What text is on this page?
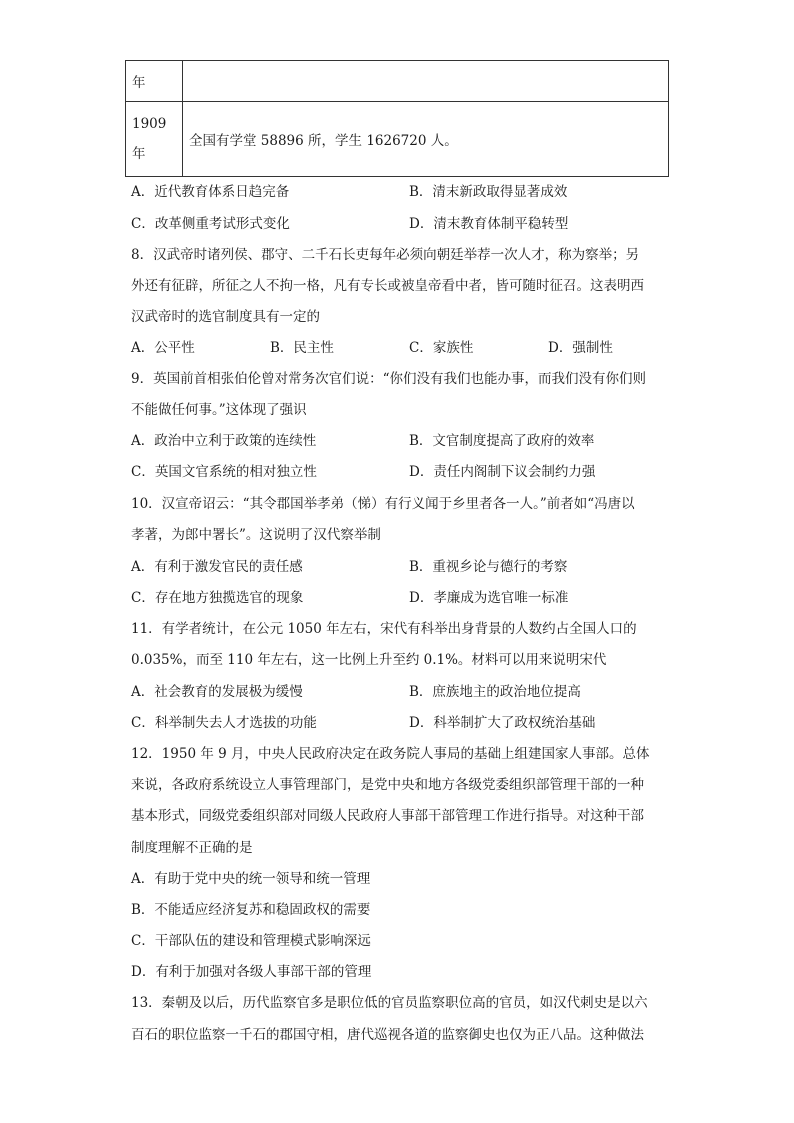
年	

1909
年	全国有学堂 58896 所，学生 1626720 人。
A．近代教育体系日趋完备	B．清末新政取得显著成效
C．改革侧重考试形式变化	D．清末教育体制平稳转型
8．汉武帝时诸列侯、郡守、二千石长吏每年必须向朝廷举荐一次人才，称为察举；另
外还有征辟，所征之人不拘一格，凡有专长或被皇帝看中者，皆可随时征召。这表明西
汉武帝时的选官制度具有一定的
A．公平性	B．民主性	C．家族性	D．强制性
9．英国前首相张伯伦曾对常务次官们说：“你们没有我们也能办事，而我们没有你们则
不能做任何事。”这体现了强识
A．政治中立利于政策的连续性	B．文官制度提高了政府的效率
C．英国文官系统的相对独立性	D．责任内阁制下议会制约力强
10．汉宣帝诏云：“其令郡国举孝弟（悌）有行义闻于乡里者各一人。”前者如“冯唐以
孝著，为郎中署长”。这说明了汉代察举制
A．有利于激发官民的责任感	B．重视乡论与德行的考察
C．存在地方独揽选官的现象	D．孝廉成为选官唯一标准
11．有学者统计，在公元 1050 年左右，宋代有科举出身背景的人数约占全国人口的
0.035%，而至 110 年左右，这一比例上升至约 0.1%。材料可以用来说明宋代
A．社会教育的发展极为缓慢	B．庶族地主的政治地位提高
C．科举制失去人才选拔的功能	D．科举制扩大了政权统治基础
12．1950 年 9 月，中央人民政府决定在政务院人事局的基础上组建国家人事部。总体
来说，各政府系统设立人事管理部门，是党中央和地方各级党委组织部管理干部的一种
基本形式，同级党委组织部对同级人民政府人事部干部管理工作进行指导。对这种干部
制度理解不正确的是
A．有助于党中央的统一领导和统一管理
B．不能适应经济复苏和稳固政权的需要
C．干部队伍的建设和管理模式影响深远
D．有利于加强对各级人事部干部的管理
13．秦朝及以后，历代监察官多是职位低的官员监察职位高的官员，如汉代刺史是以六
百石的职位监察一千石的郡国守相，唐代巡视各道的监察御史也仅为正八品。这种做法
